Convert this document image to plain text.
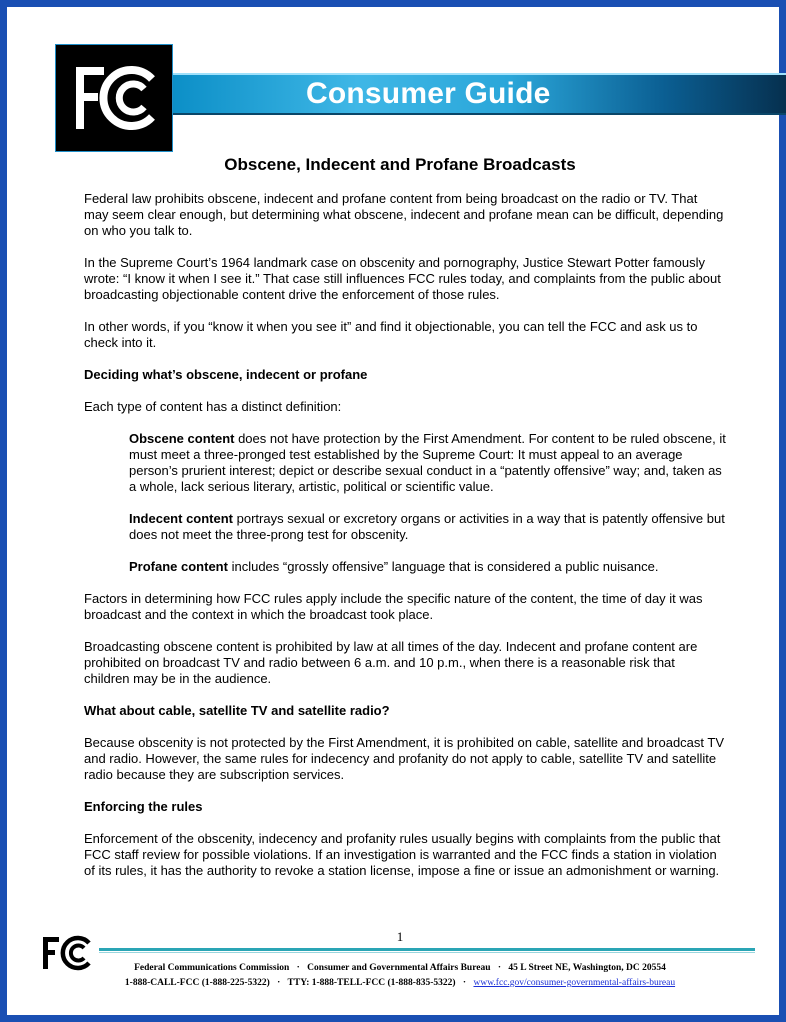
Consumer Guide
Obscene, Indecent and Profane Broadcasts

Federal law prohibits obscene, indecent and profane content from being broadcast on the radio or TV. That may seem clear enough, but determining what obscene, indecent and profane mean can be difficult, depending on who you talk to.

In the Supreme Court’s 1964 landmark case on obscenity and pornography, Justice Stewart Potter famously wrote: “I know it when I see it.” That case still influences FCC rules today, and complaints from the public about broadcasting objectionable content drive the enforcement of those rules.

In other words, if you “know it when you see it” and find it objectionable, you can tell the FCC and ask us to check into it.

Deciding what’s obscene, indecent or profane

Each type of content has a distinct definition:

Obscene content does not have protection by the First Amendment. For content to be ruled obscene, it must meet a three-pronged test established by the Supreme Court: It must appeal to an average person’s prurient interest; depict or describe sexual conduct in a “patently offensive” way; and, taken as a whole, lack serious literary, artistic, political or scientific value.

Indecent content portrays sexual or excretory organs or activities in a way that is patently offensive but does not meet the three-prong test for obscenity.

Profane content includes “grossly offensive” language that is considered a public nuisance.

Factors in determining how FCC rules apply include the specific nature of the content, the time of day it was broadcast and the context in which the broadcast took place.

Broadcasting obscene content is prohibited by law at all times of the day. Indecent and profane content are prohibited on broadcast TV and radio between 6 a.m. and 10 p.m., when there is a reasonable risk that children may be in the audience.

What about cable, satellite TV and satellite radio?

Because obscenity is not protected by the First Amendment, it is prohibited on cable, satellite and broadcast TV and radio. However, the same rules for indecency and profanity do not apply to cable, satellite TV and satellite radio because they are subscription services.

Enforcing the rules

Enforcement of the obscenity, indecency and profanity rules usually begins with complaints from the public that FCC staff review for possible violations. If an investigation is warranted and the FCC finds a station in violation of its rules, it has the authority to revoke a station license, impose a fine or issue an admonishment or warning.

1
Federal Communications Commission · Consumer and Governmental Affairs Bureau · 45 L Street NE, Washington, DC 20554
1-888-CALL-FCC (1-888-225-5322) · TTY: 1-888-TELL-FCC (1-888-835-5322) · www.fcc.gov/consumer-governmental-affairs-bureau
